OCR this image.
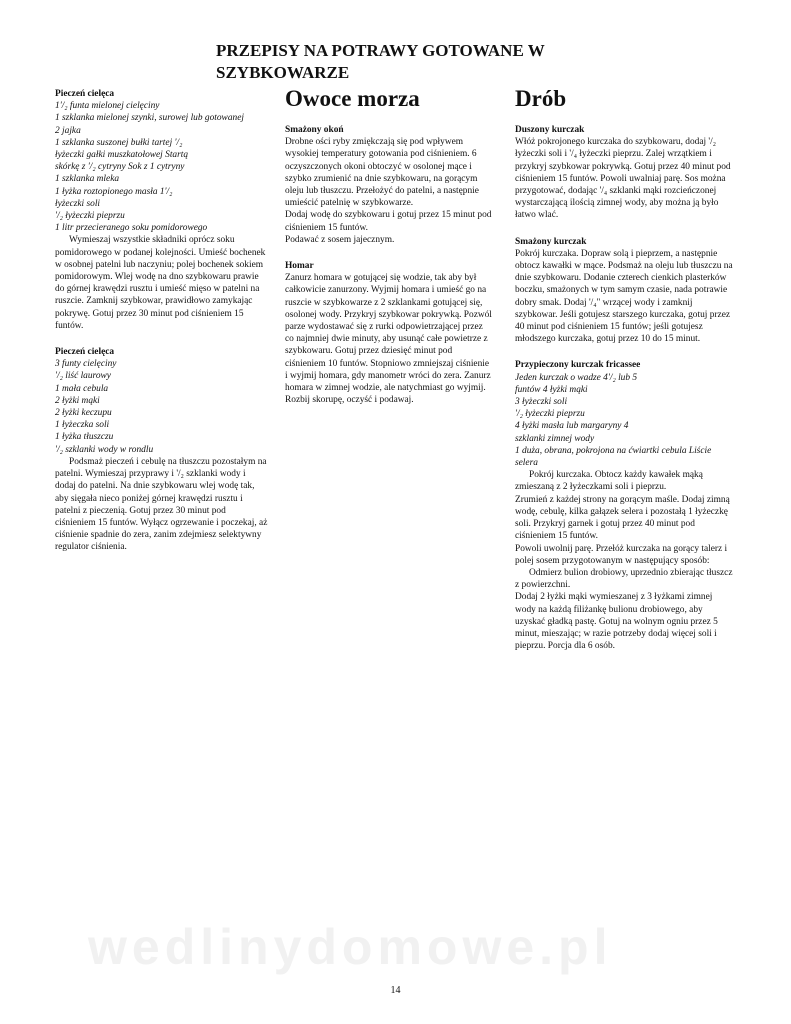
PRZEPISY NA POTRAWY GOTOWANE W SZYBKOWARZE

Pieczeń cielęca

1'/₂ funta mielonej cielęciny

1 szklanka mielonej szynki, surowej lub gotowanej

2 jajka

1 szklanka suszonej bułki tartej '/₂

łyżeczki gałki muszkatołowej Startą

skórkę z '/₂ cytryny Sok z 1 cytryny

1 szklanka mleka

1 łyżka roztopionego masła 1'/₂

łyżeczki soli

'/₂ łyżeczki pieprzu

1 litr przecieranego soku pomidorowego

Wymieszaj wszystkie składniki oprócz soku pomidorowego w podanej kolejności. Umieść bochenek w osobnej patelni lub naczyniu; polej bochenek sokiem pomidorowym. Wlej wodę na dno szybkowaru prawie do górnej krawędzi rusztu i umieść mięso w patelni na ruszcie. Zamknij szybkowar, prawidłowo zamykając pokrywę. Gotuj przez 30 minut pod ciśnieniem 15 funtów.

Pieczeń cielęca

3 funty cielęciny

'/₂ liść laurowy

1 mała cebula

2 łyżki mąki

2 łyżki keczupu

1 łyżeczka soli

1 łyżka tłuszczu

'/₂ szklanki wody w rondlu

Podsmaż pieczeń i cebulę na tłuszczu pozostałym na patelni. Wymieszaj przyprawy i '/₂ szklanki wody i dodaj do patelni. Na dnie szybkowaru wlej wodę tak, aby sięgała nieco poniżej górnej krawędzi rusztu i patelni z pieczenią. Gotuj przez 30 minut pod ciśnieniem 15 funtów. Wyłącz ogrzewanie i poczekaj, aż ciśnienie spadnie do zera, zanim zdejmiesz selektywny regulator ciśnienia.

Owoce morza

Smażony okoń

Drobne ości ryby zmiękczają się pod wpływem wysokiej temperatury gotowania pod ciśnieniem. 6 oczyszczonych okoni obtoczyć w osolonej mące i szybko zrumienić na dnie szybkowaru, na gorącym oleju lub tłuszczu. Przełożyć do patelni, a następnie umieścić patelnię w szybkowarze.

Dodaj wodę do szybkowaru i gotuj przez 15 minut pod ciśnieniem 15 funtów.

Podawać z sosem jajecznym.

Homar

Zanurz homara w gotującej się wodzie, tak aby był całkowicie zanurzony. Wyjmij homara i umieść go na ruszcie w szybkowarze z 2 szklankami gotującej się, osolonej wody. Przykryj szybkowar pokrywką. Pozwól parze wydostawać się z rurki odpowietrzającej przez co najmniej dwie minuty, aby usunąć całe powietrze z szybkowaru. Gotuj przez dziesięć minut pod ciśnieniem 10 funtów. Stopniowo zmniejszaj ciśnienie i wyjmij homara, gdy manometr wróci do zera. Zanurz homara w zimnej wodzie, ale natychmiast go wyjmij. Rozbij skorupę, oczyść i podawaj.

Drób

Duszony kurczak

Włóż pokrojonego kurczaka do szybkowaru, dodaj '/₂ łyżeczki soli i '/₄ łyżeczki pieprzu. Zalej wrzątkiem i przykryj szybkowar pokrywką. Gotuj przez 40 minut pod ciśnieniem 15 funtów. Powoli uwalniaj parę. Sos można przygotować, dodając '/₄ szklanki mąki rozcieńczonej wystarczającą ilością zimnej wody, aby można ją było łatwo wlać.

Smażony kurczak

Pokrój kurczaka. Dopraw solą i pieprzem, a następnie obtocz kawałki w mące. Podsmaż na oleju lub tłuszczu na dnie szybkowaru. Dodanie czterech cienkich plasterków boczku, smażonych w tym samym czasie, nada potrawie dobry smak. Dodaj '/₄" wrzącej wody i zamknij szybkowar. Jeśli gotujesz starszego kurczaka, gotuj przez 40 minut pod ciśnieniem 15 funtów; jeśli gotujesz młodszego kurczaka, gotuj przez 10 do 15 minut.

Przypieczony kurczak fricassee

Jeden kurczak o wadze 4'/₂ lub 5

funtów 4 łyżki mąki

3 łyżeczki soli

'/₂ łyżeczki pieprzu

4 łyżki masła lub margaryny 4

szklanki zimnej wody

1 duża, obrana, pokrojona na ćwiartki cebula Liście

selera

Pokrój kurczaka. Obtocz każdy kawałek mąką zmieszaną z 2 łyżeczkami soli i pieprzu.

Zrumień z każdej strony na gorącym maśle. Dodaj zimną wodę, cebulę, kilka gałązek selera i pozostałą 1 łyżeczkę soli. Przykryj garnek i gotuj przez 40 minut pod ciśnieniem 15 funtów.

Powoli uwolnij parę. Przełóż kurczaka na gorący talerz i polej sosem przygotowanym w następujący sposób:

Odmierz bulion drobiowy, uprzednio zbierając tłuszcz z powierzchni.

Dodaj 2 łyżki mąki wymieszanej z 3 łyżkami zimnej wody na każdą filiżankę bulionu drobiowego, aby uzyskać gładką pastę. Gotuj na wolnym ogniu przez 5 minut, mieszając; w razie potrzeby dodaj więcej soli i pieprzu. Porcja dla 6 osób.

wedlinydomowe.pl
14
